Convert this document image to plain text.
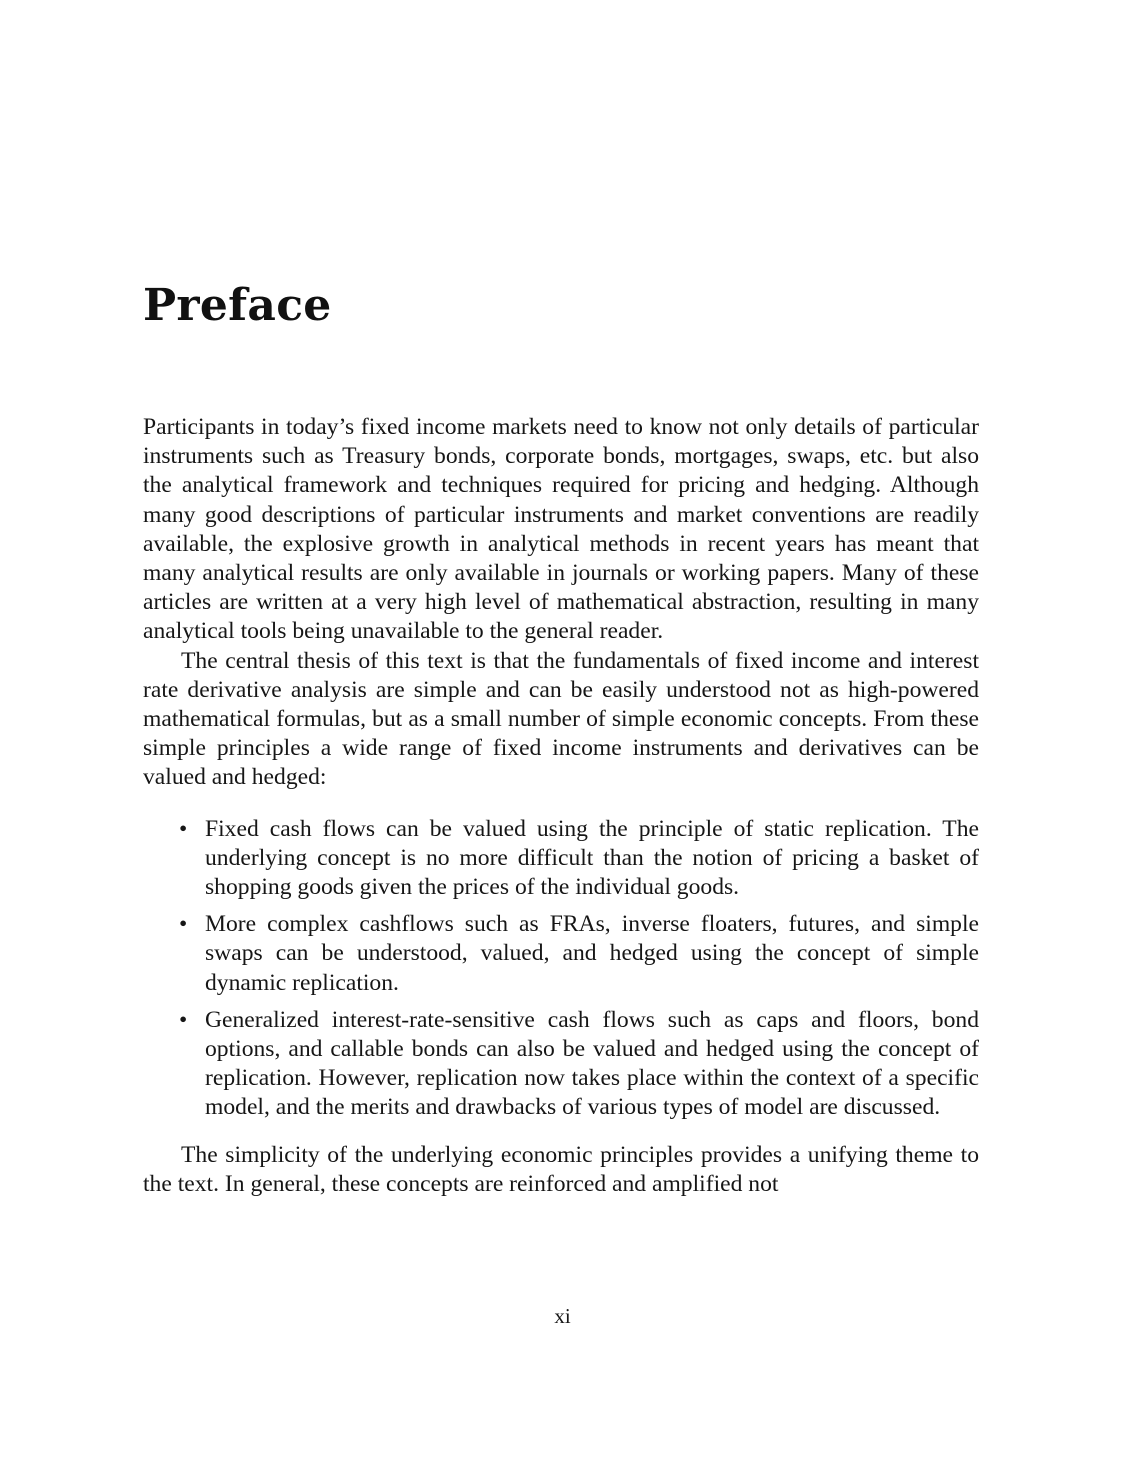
Preface

Participants in today’s fixed income markets need to know not only details of particular instruments such as Treasury bonds, corporate bonds, mortgages, swaps, etc. but also the analytical framework and techniques required for pricing and hedging. Although many good descriptions of particular instruments and market conventions are readily available, the explosive growth in analytical methods in recent years has meant that many analytical results are only available in journals or working papers. Many of these articles are written at a very high level of mathematical abstraction, resulting in many analytical tools being unavailable to the general reader.

The central thesis of this text is that the fundamentals of fixed income and interest rate derivative analysis are simple and can be easily understood not as high-powered mathematical formulas, but as a small number of simple economic concepts. From these simple principles a wide range of fixed income instruments and derivatives can be valued and hedged:

• Fixed cash flows can be valued using the principle of static replication. The underlying concept is no more difficult than the notion of pricing a basket of shopping goods given the prices of the individual goods.
• More complex cashflows such as FRAs, inverse floaters, futures, and simple swaps can be understood, valued, and hedged using the concept of simple dynamic replication.
• Generalized interest-rate-sensitive cash flows such as caps and floors, bond options, and callable bonds can also be valued and hedged using the concept of replication. However, replication now takes place within the context of a specific model, and the merits and drawbacks of various types of model are discussed.

The simplicity of the underlying economic principles provides a unifying theme to the text. In general, these concepts are reinforced and amplified not

xi
